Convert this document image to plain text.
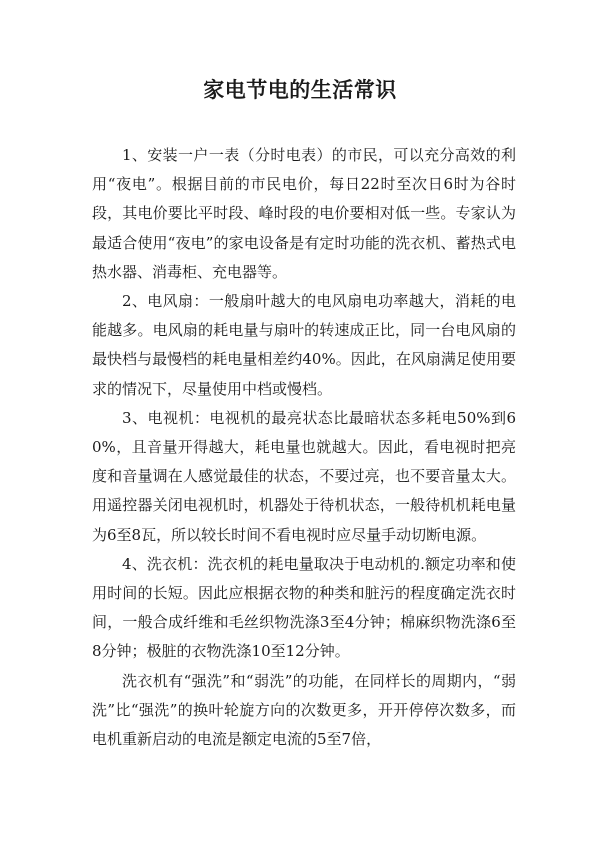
家电节电的生活常识

1、安装一户一表（分时电表）的市民，可以充分高效的利用“夜电”。根据目前的市民电价，每日22时至次日6时为谷时段，其电价要比平时段、峰时段的电价要相对低一些。专家认为最适合使用“夜电”的家电设备是有定时功能的洗衣机、蓄热式电热水器、消毒柜、充电器等。

2、电风扇：一般扇叶越大的电风扇电功率越大，消耗的电能越多。电风扇的耗电量与扇叶的转速成正比，同一台电风扇的最快档与最慢档的耗电量相差约40%。因此，在风扇满足使用要求的情况下，尽量使用中档或慢档。

3、电视机：电视机的最亮状态比最暗状态多耗电50%到60%，且音量开得越大，耗电量也就越大。因此，看电视时把亮度和音量调在人感觉最佳的状态，不要过亮，也不要音量太大。用遥控器关闭电视机时，机器处于待机状态，一般待机机耗电量为6至8瓦，所以较长时间不看电视时应尽量手动切断电源。

4、洗衣机：洗衣机的耗电量取决于电动机的.额定功率和使用时间的长短。因此应根据衣物的种类和脏污的程度确定洗衣时间，一般合成纤维和毛丝织物洗涤3至4分钟；棉麻织物洗涤6至8分钟；极脏的衣物洗涤10至12分钟。

洗衣机有“强洗”和“弱洗”的功能，在同样长的周期内，“弱洗”比“强洗”的换叶轮旋方向的次数更多，开开停停次数多，而电机重新启动的电流是额定电流的5至7倍，
